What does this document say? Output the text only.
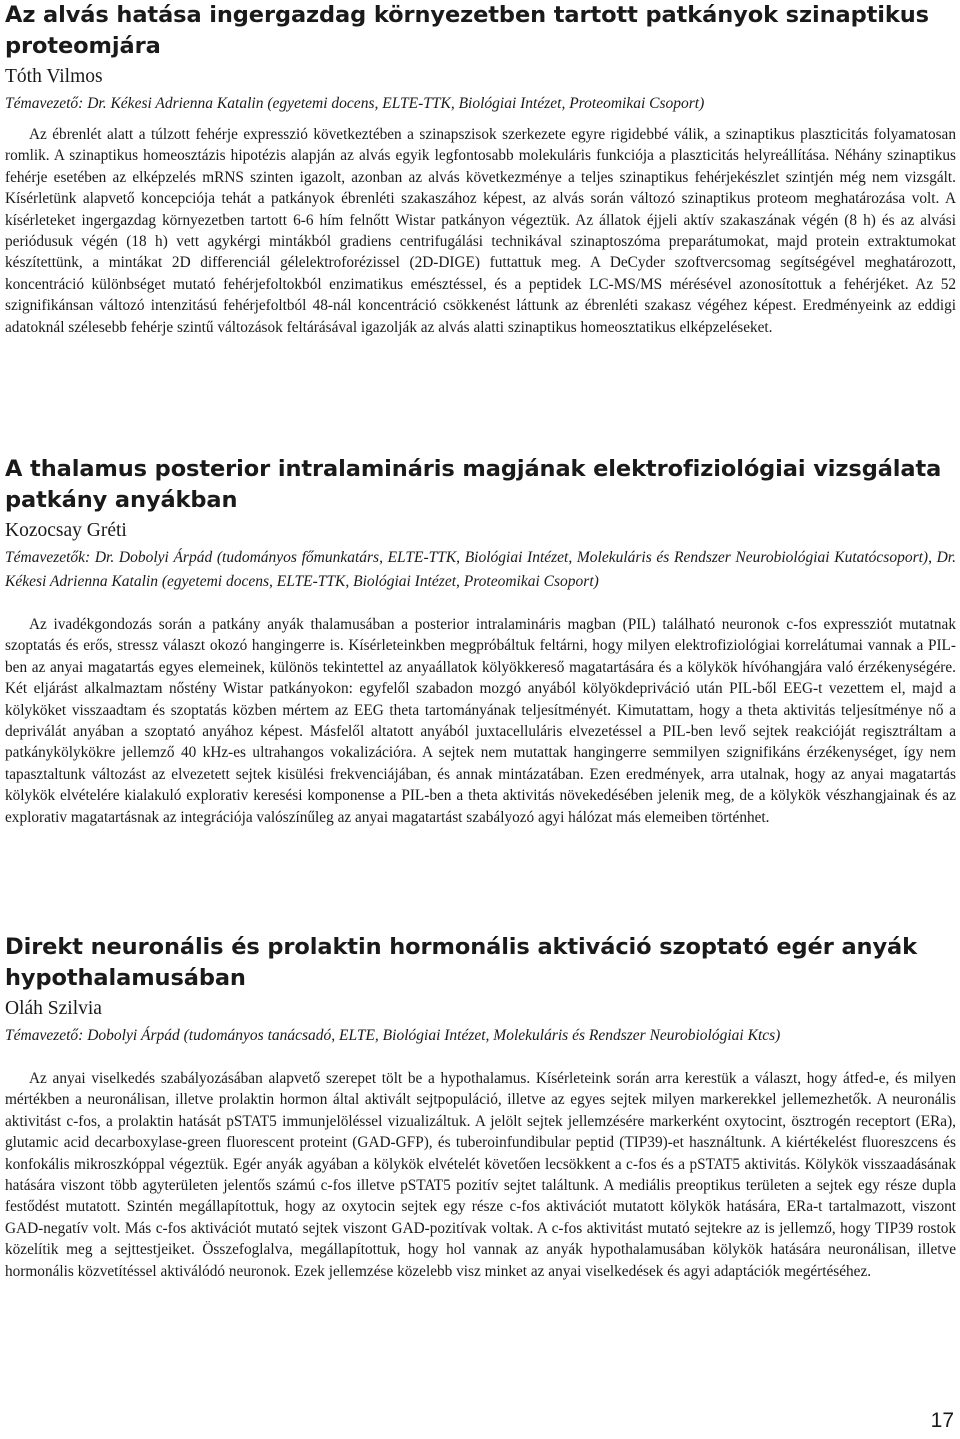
Az alvás hatása ingergazdag környezetben tartott patkányok szinaptikus proteomjára
Tóth Vilmos
Témavezető: Dr. Kékesi Adrienna Katalin (egyetemi docens, ELTE-TTK, Biológiai Intézet, Proteomikai Csoport)

Az ébrenlét alatt a túlzott fehérje expresszió következtében a szinapszisok szerkezete egyre rigidebbé válik, a szinaptikus plaszticitás folyamatosan romlik. A szinaptikus homeosztázis hipotézis alapján az alvás egyik legfontosabb molekuláris funkciója a plaszticitás helyreállítása. Néhány szinaptikus fehérje esetében az elképzelés mRNS szinten igazolt, azonban az alvás következménye a teljes szinaptikus fehérjekészlet szintjén még nem vizsgált. Kísérletünk alapvető koncepciója tehát a patkányok ébrenléti szakaszához képest, az alvás során változó szinaptikus proteom meghatározása volt. A kísérleteket ingergazdag környezetben tartott 6-6 hím felnőtt Wistar patkányon végeztük. Az állatok éjjeli aktív szakaszának végén (8 h) és az alvási periódusuk végén (18 h) vett agykérgi mintákból gradiens centrifugálási technikával szinaptoszóma preparátumokat, majd protein extraktumokat készítettünk, a mintákat 2D differenciál gélelektroforézissel (2D-DIGE) futtattuk meg. A DeCyder szoftvercsomag segítségével meghatározott, koncentráció különbséget mutató fehérjefoltokból enzimatikus emésztéssel, és a peptidek LC-MS/MS mérésével azonosítottuk a fehérjéket. Az 52 szignifikánsan változó intenzitású fehérjefoltból 48-nál koncentráció csökkenést láttunk az ébrenléti szakasz végéhez képest. Eredményeink az eddigi adatoknál szélesebb fehérje szintű változások feltárásával igazolják az alvás alatti szinaptikus homeosztatikus elképzeléseket.

A thalamus posterior intralamináris magjának elektrofiziológiai vizsgálata patkány anyákban
Kozocsay Gréti
Témavezetők: Dr. Dobolyi Árpád (tudományos főmunkatárs, ELTE-TTK, Biológiai Intézet, Molekuláris és Rendszer Neurobiológiai Kutatócsoport), Dr. Kékesi Adrienna Katalin (egyetemi docens, ELTE-TTK, Biológiai Intézet, Proteomikai Csoport)

Az ivadékgondozás során a patkány anyák thalamusában a posterior intralamináris magban (PIL) található neuronok c-fos expressziót mutatnak szoptatás és erős, stressz választ okozó hangingerre is. Kísérleteinkben megpróbáltuk feltárni, hogy milyen elektrofiziológiai korrelátumai vannak a PIL-ben az anyai magatartás egyes elemeinek, különös tekintettel az anyaállatok kölyökkereső magatartására és a kölykök hívóhangjára való érzékenységére. Két eljárást alkalmaztam nőstény Wistar patkányokon: egyfelől szabadon mozgó anyából kölyökdepriváció után PIL-ből EEG-t vezettem el, majd a kölyköket visszaadtam és szoptatás közben mértem az EEG theta tartományának teljesítményét. Kimutattam, hogy a theta aktivitás teljesítménye nő a depriválát anyában a szoptató anyához képest. Másfelől altatott anyából juxtacelluláris elvezetéssel a PIL-ben levő sejtek reakcióját regisztráltam a patkánykölykökre jellemző 40 kHz-es ultrahangos vokalizációra. A sejtek nem mutattak hangingerre semmilyen szignifikáns érzékenységet, így nem tapasztaltunk változást az elvezetett sejtek kisülési frekvenciájában, és annak mintázatában. Ezen eredmények, arra utalnak, hogy az anyai magatartás kölykök elvételére kialakuló explorativ keresési komponense a PIL-ben a theta aktivitás növekedésében jelenik meg, de a kölykök vészhangjainak és az explorativ magatartásnak az integrációja valószínűleg az anyai magatartást szabályozó agyi hálózat más elemeiben történhet.

Direkt neuronális és prolaktin hormonális aktiváció szoptató egér anyák hypothalamusában
Oláh Szilvia
Témavezető: Dobolyi Árpád (tudományos tanácsadó, ELTE, Biológiai Intézet, Molekuláris és Rendszer Neurobiológiai Ktcs)

Az anyai viselkedés szabályozásában alapvető szerepet tölt be a hypothalamus. Kísérleteink során arra kerestük a választ, hogy átfed-e, és milyen mértékben a neuronálisan, illetve prolaktin hormon által aktivált sejtpopuláció, illetve az egyes sejtek milyen markerekkel jellemezhetők. A neuronális aktivitást c-fos, a prolaktin hatását pSTAT5 immunjelöléssel vizualizáltuk. A jelölt sejtek jellemzésére markerként oxytocint, ösztrogén receptort (ERa), glutamic acid decarboxylase-green fluorescent proteint (GAD-GFP), és tuberoinfundibular peptid (TIP39)-et használtunk. A kiértékelést fluoreszcens és konfokális mikroszkóppal végeztük. Egér anyák agyában a kölykök elvételét követően lecsökkent a c-fos és a pSTAT5 aktivitás. Kölykök visszaadásának hatására viszont több agyterületen jelentős számú c-fos illetve pSTAT5 pozitív sejtet találtunk. A mediális preoptikus területen a sejtek egy része dupla festődést mutatott. Szintén megállapítottuk, hogy az oxytocin sejtek egy része c-fos aktivációt mutatott kölykök hatására, ERa-t tartalmazott, viszont GAD-negatív volt. Más c-fos aktivációt mutató sejtek viszont GAD-pozitívak voltak. A c-fos aktivitást mutató sejtekre az is jellemző, hogy TIP39 rostok közelítik meg a sejttestjeiket. Összefoglalva, megállapítottuk, hogy hol vannak az anyák hypothalamusában kölykök hatására neuronálisan, illetve hormonális közvetítéssel aktiválódó neuronok. Ezek jellemzése közelebb visz minket az anyai viselkedések és agyi adaptációk megértéséhez.

17
